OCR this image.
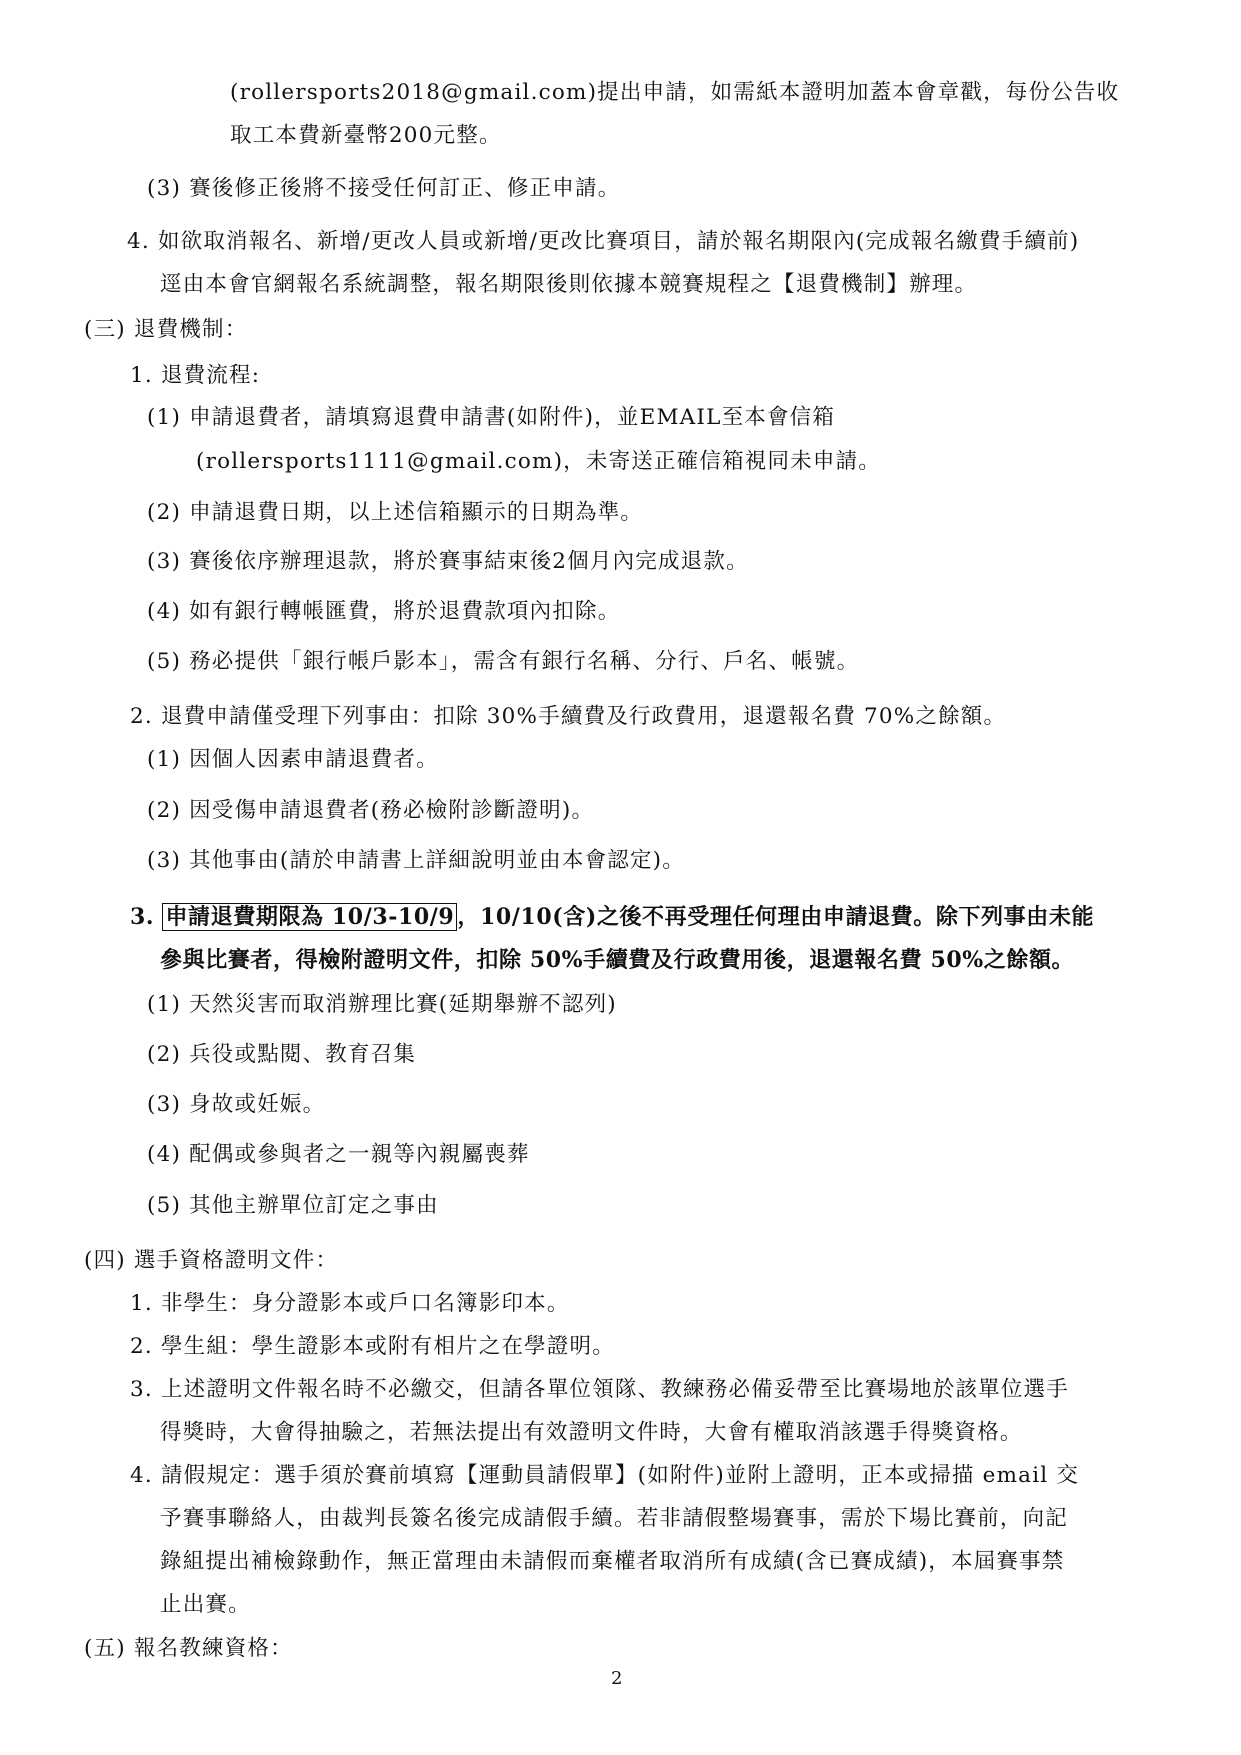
(rollersports2018@gmail.com)提出申請，如需紙本證明加蓋本會章戳，每份公告收
取工本費新臺幣200元整。
(3) 賽後修正後將不接受任何訂正、修正申請。
4. 如欲取消報名、新增/更改人員或新增/更改比賽項目，請於報名期限內(完成報名繳費手續前)
逕由本會官網報名系統調整，報名期限後則依據本競賽規程之【退費機制】辦理。
(三) 退費機制：
1. 退費流程:
(1) 申請退費者，請填寫退費申請書(如附件)，並EMAIL至本會信箱
(rollersports1111@gmail.com)，未寄送正確信箱視同未申請。
(2) 申請退費日期，以上述信箱顯示的日期為準。
(3) 賽後依序辦理退款，將於賽事結束後2個月內完成退款。
(4) 如有銀行轉帳匯費，將於退費款項內扣除。
(5) 務必提供「銀行帳戶影本」，需含有銀行名稱、分行、戶名、帳號。
2. 退費申請僅受理下列事由：扣除 30%手續費及行政費用，退還報名費 70%之餘額。
(1) 因個人因素申請退費者。
(2) 因受傷申請退費者(務必檢附診斷證明)。
(3) 其他事由(請於申請書上詳細說明並由本會認定)。
3. 申請退費期限為 10/3-10/9 ，10/10(含)之後不再受理任何理由申請退費。除下列事由未能
參與比賽者，得檢附證明文件，扣除 50%手續費及行政費用後，退還報名費 50%之餘額。
(1) 天然災害而取消辦理比賽(延期舉辦不認列)
(2) 兵役或點閱、教育召集
(3) 身故或妊娠。
(4) 配偶或參與者之一親等內親屬喪葬
(5) 其他主辦單位訂定之事由
(四) 選手資格證明文件：
1. 非學生：身分證影本或戶口名簿影印本。
2. 學生組：學生證影本或附有相片之在學證明。
3. 上述證明文件報名時不必繳交，但請各單位領隊、教練務必備妥帶至比賽場地於該單位選手
得獎時，大會得抽驗之，若無法提出有效證明文件時，大會有權取消該選手得獎資格。
4. 請假規定：選手須於賽前填寫【運動員請假單】(如附件)並附上證明，正本或掃描 email 交
予賽事聯絡人，由裁判長簽名後完成請假手續。若非請假整場賽事，需於下場比賽前，向記
錄組提出補檢錄動作，無正當理由未請假而棄權者取消所有成績(含已賽成績)，本屆賽事禁
止出賽。
(五) 報名教練資格：
2
